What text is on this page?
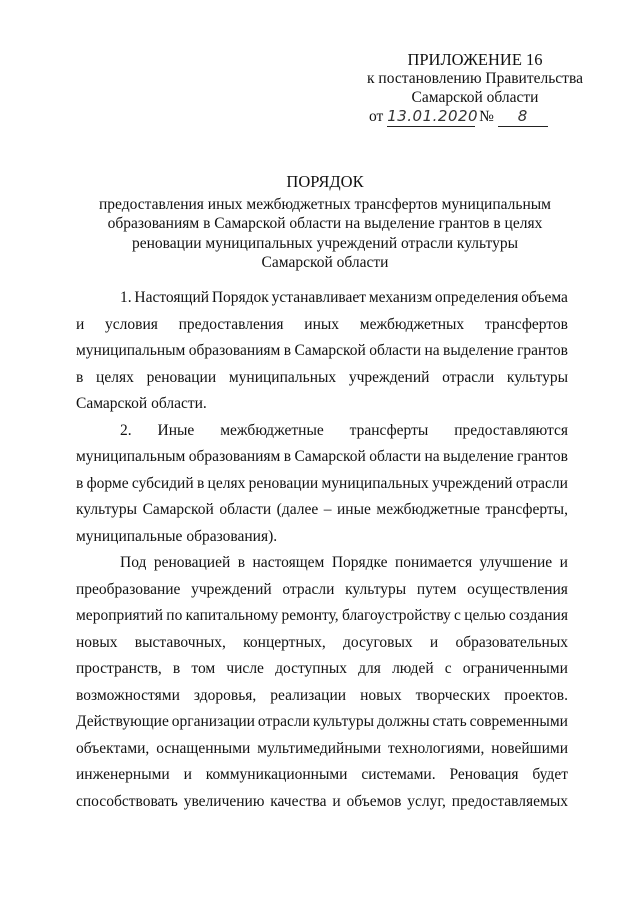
ПРИЛОЖЕНИЕ 16
к постановлению Правительства
Самарской области
от 13.01.2020 № 8
ПОРЯДОК
предоставления иных межбюджетных трансфертов муниципальным
образованиям в Самарской области на выделение грантов в целях
реновации муниципальных учреждений отрасли культуры
Самарской области
1. Настоящий Порядок устанавливает механизм определения объема
и условия предоставления иных межбюджетных трансфертов
муниципальным образованиям в Самарской области на выделение грантов
в целях реновации муниципальных учреждений отрасли культуры
Самарской области.
2. Иные межбюджетные трансферты предоставляются
муниципальным образованиям в Самарской области на выделение грантов
в форме субсидий в целях реновации муниципальных учреждений отрасли
культуры Самарской области (далее – иные межбюджетные трансферты,
муниципальные образования).
Под реновацией в настоящем Порядке понимается улучшение и
преобразование учреждений отрасли культуры путем осуществления
мероприятий по капитальному ремонту, благоустройству с целью создания
новых выставочных, концертных, досуговых и образовательных
пространств, в том числе доступных для людей с ограниченными
возможностями здоровья, реализации новых творческих проектов.
Действующие организации отрасли культуры должны стать современными
объектами, оснащенными мультимедийными технологиями, новейшими
инженерными и коммуникационными системами. Реновация будет
способствовать увеличению качества и объемов услуг, предоставляемых
